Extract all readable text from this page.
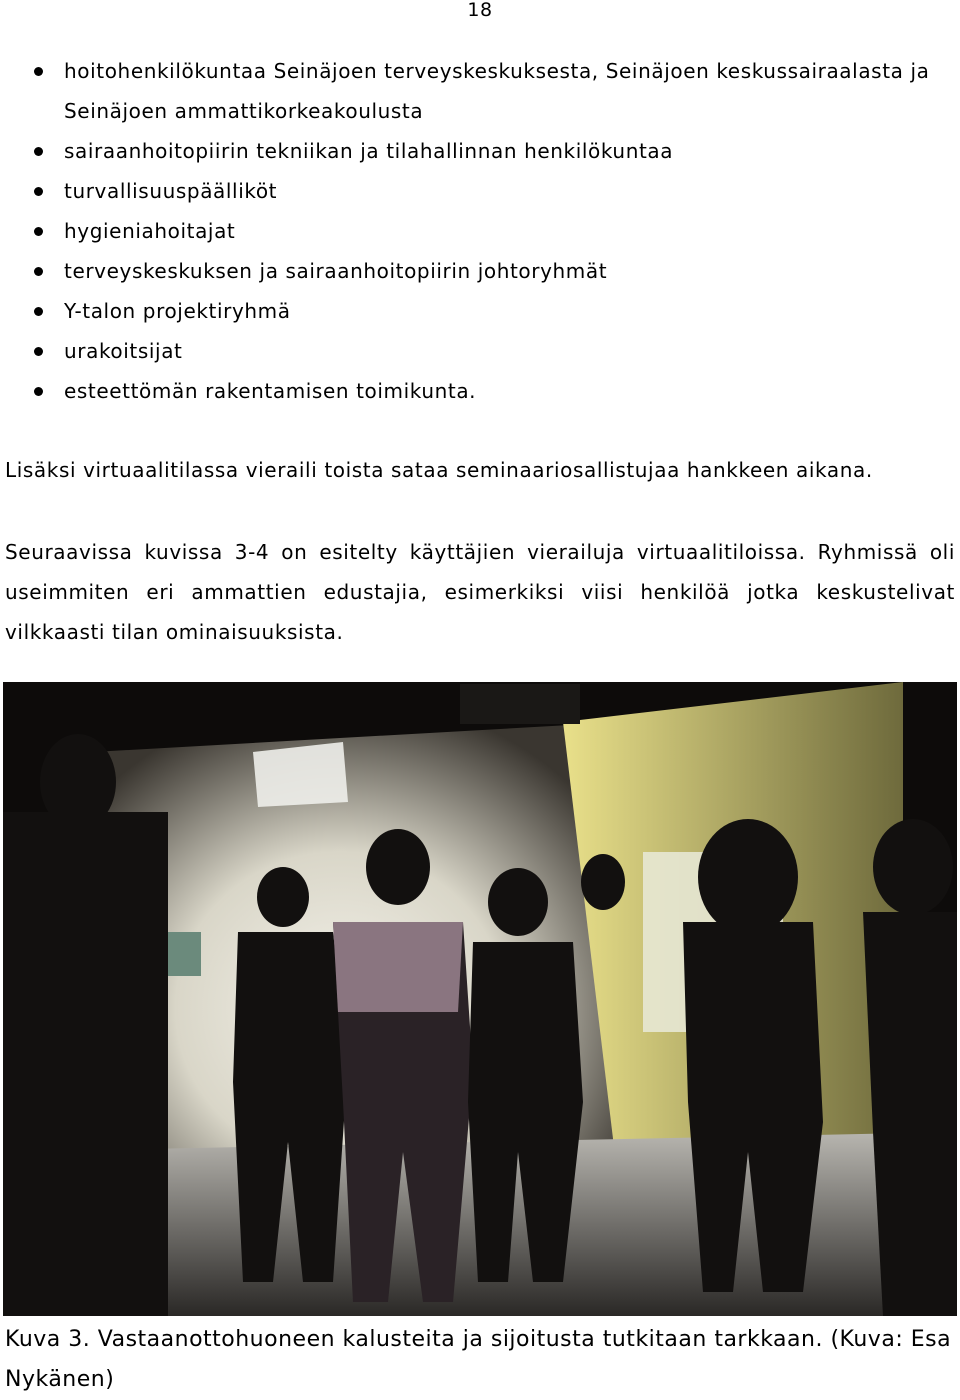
18
hoitohenkilökuntaa Seinäjoen terveyskeskuksesta, Seinäjoen keskussairaalasta ja Seinäjoen ammattikorkeakoulusta
sairaanhoitopiirin tekniikan ja tilahallinnan henkilökuntaa
turvallisuuspäälliköt
hygieniahoitajat
terveyskeskuksen ja sairaanhoitopiirin johtoryhmät
Y-talon projektiryhmä
urakoitsijat
esteettömän rakentamisen toimikunta.

Lisäksi virtuaalitilassa vieraili toista sataa seminaariosallistujaa hankkeen aikana.

Seuraavissa kuvissa 3-4 on esitelty käyttäjien vierailuja virtuaalitiloissa. Ryhmissä oli useimmiten eri ammattien edustajia, esimerkiksi viisi henkilöä jotka keskustelivat vilkkaasti tilan ominaisuuksista.

Kuva 3. Vastaanottohuoneen kalusteita ja sijoitusta tutkitaan tarkkaan. (Kuva: Esa Nykänen)
